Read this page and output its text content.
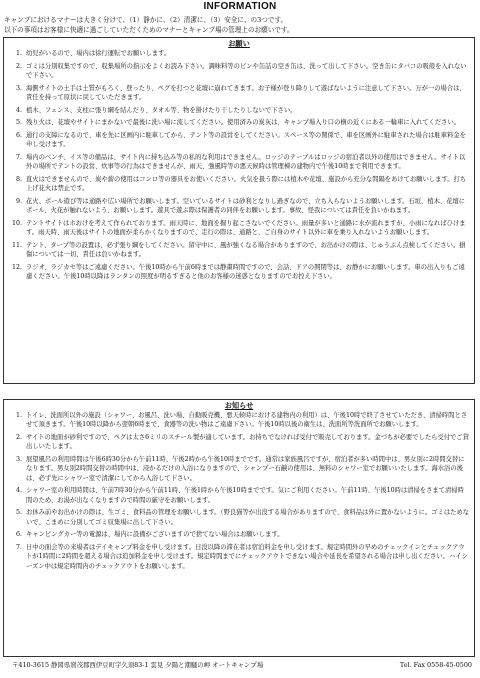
INFORMATION
キャンプにおけるマナーは大きく分けて、（1）静かに、（2）清潔に、（3）安全に、の3つです。
以下の事項はお客様に快適に過ごしていただくためのマナーとキャンプ場の管理上のお願いです。
お願い
1. 幼児がいるので、場内は徐行運転でお願いします。
2. ゴミは分別収集ですので、収集場所の指示をよくお読み下さい。調味料等のビンや缶詰の空き缶は、洗って出して下さい。空き缶にタバコの吸殻を入れないで下さい。
3. 海側サイトの土手は土質がもろく、登ったり、ペグを打つと花壇に崩れてきます。お子様が登り降りして遊ばないように注意して下さい。万が一の場合は、責任を持って原状に戻していただきます。
4. 植木、フェンス、支柱に張り綱を結んだり、タオル等、物を掛けたり干したりしないで下さい。
5. 残り火は、花壇やサイトにまかないで最後に洗い場に流してください。使用済みの炭灰は、キャンプ場入り口の横の近くにある一輪車に入れてください。
6. 通行の支障になるので、車を先に区画内に駐車してから、テント等の設営をしてください。スペース等の関係で、車を区画外に駐車された場合は駐車料金を申し受けます。
7. 場内のベンチ、イス等の備品は、サイト内に持ち込み等の私的な利用はできません。ロッジのテーブルはロッジの宿泊者以外の使用はできません。サイト以外の場所でテントの設営、炊事等の行為はできませんが、雨天、強風時等の悪天候時は管理棟の建物内で午後10時まで利用できます。
8. 直火はできませんので、炭や薪の使用はコンロ等の器具をお使いください。火気を扱う際には植木や花壇、施設から充分な間隔をあけてお願いします。打ち上げ花火は禁止です。
9. 花火、ボール遊び等は通路や広い場所でお願いします。空いているサイトは砂利となりし過ぎなので、立ち入らないようお願いします。石垣、植木、花壇にボール、火花が触れないよう、お願いします。遊具で遊ぶ際は保護者の同伴をお願いします。事故、怪我については責任を負いかねます。
10. テントサイトはホおけを考えて作られております。雨天時に、地面を掘り起こさないでください。雨量が多いと通路に水が流れますが、小雨になればひけます。雨天時、雨天後はサイトの地面が柔らかくなりますので、走行の際は、通路と、ご自身のサイト以外に車を乗り入れないようお願いします。
11. テント、タープ等の設置は、必ず張り綱をしてください。留守中に、風が強くなる場合がありますので、お出かけの際は、じゅうぶん点検してください。損傷については一切、責任は負いかねます。
12. ラジオ、ラジカセ等はご遠慮ください。午後10時から午前6時までは静粛時間ですので、会話、ドアの開閉等は、お静かにお願いします。車の出入りもご遠慮ください。午後10時以降はランタンの照度が明るすぎると他のお客様の迷惑となりますのでお控え下さい。
お知らせ
1. トイレ、洗面所以外の施設（シャワー、お風呂、洗い場、自動販売機、悪天候時における建物内の利用）は、午後10時で終了させていただき、清掃時間とさせて頂きます。午後10時以降から翌朝6時まで、食器等の洗い物はご遠慮下さい。午後10時以後の衛生は、洗面所等洗面所でお願いします。
2. サイトの地面が砂利ですので、ペグは太さ6ミリのスチール製が適しています。お持ちでなければ受付で販売しております。金づちが必要でしたら受付でご貸出しいたします。
3. 展望風呂の利用時間は午後6時30分から午前11時、午後2時から午後10時までです。通常は家族風呂ですが、宿泊者が多い時間中は、男女別に2時間交替になります。男女別2時間交替の時間中は、浸かるだけの入浴になりますので、シャンプー石鹸の使用は、無料のシャワー室でお願いいたします。海水浴の後は、必ず先にシャワー室で清潔にしてから入浴して下さい。
4. シャワー室の利用時間は、午前7時30分から午前11時、午後1時から午後10時までです。気にご利用ください。午前11時、午後10時は清掃をさまて清掃時間のため、お湯が出なくなりますので時間の厳守をお願いします。
5. お休み前やお出かけの際は、生ゴミ、食料品の管理をお願いします。（野良猫等が出没する場合がありますので、食料品は外に置かないように。ゴミはためないで、こまめに分別してゴミ収集場に出して下さい。
6. キャンピングカー等の電源は、場内に設備がございますので捨てない場合はお願いします。
7. 日中の面会等の来場者はデイキャンプ料金を申し受けます。日没以降の滞在者は宿泊料金を申し受けます。規定時間外の早めのチェックインとチェックアウトが1時間に2時間を超える場合は追加料金を申し受けます。規定時間までにチェックアウトできない場合や延長を希望される場合は申し出ください。ハイシーズン中は規定時間内のチェックアウトをお願いします。
〒410-3615 静岡県賀茂郡西伊豆町宇久須83-1 雲見 夕陽と潮騒の岬 オートキャンプ場	Tel. Fax 0558-45-0500
